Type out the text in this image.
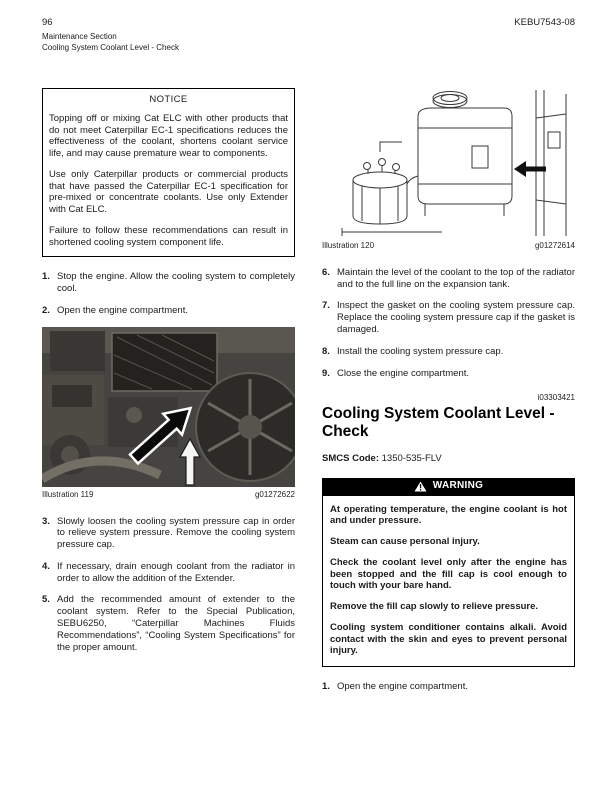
96	KEBU7543-08
Maintenance Section
Cooling System Coolant Level - Check
NOTICE

Topping off or mixing Cat ELC with other products that do not meet Caterpillar EC-1 specifications reduces the effectiveness of the coolant, shortens coolant service life, and may cause premature wear to components.

Use only Caterpillar products or commercial products that have passed the Caterpillar EC-1 specification for pre-mixed or concentrate coolants. Use only Extender with Cat ELC.

Failure to follow these recommendations can result in shortened cooling system component life.

1. Stop the engine. Allow the cooling system to completely cool.
2. Open the engine compartment.
Illustration 119	g01272622
3. Slowly loosen the cooling system pressure cap in order to relieve system pressure. Remove the cooling system pressure cap.
4. If necessary, drain enough coolant from the radiator in order to allow the addition of the Extender.
5. Add the recommended amount of extender to the coolant system. Refer to the Special Publication, SEBU6250, “Caterpillar Machines Fluids Recommendations”, “Cooling System Specifications” for the proper amount.
Illustration 120	g01272614
6. Maintain the level of the coolant to the top of the radiator and to the full line on the expansion tank.
7. Inspect the gasket on the cooling system pressure cap. Replace the cooling system pressure cap if the gasket is damaged.
8. Install the cooling system pressure cap.
9. Close the engine compartment.
i03303421
Cooling System Coolant Level - Check
SMCS Code: 1350-535-FLV
WARNING

At operating temperature, the engine coolant is hot and under pressure.

Steam can cause personal injury.

Check the coolant level only after the engine has been stopped and the fill cap is cool enough to touch with your bare hand.

Remove the fill cap slowly to relieve pressure.

Cooling system conditioner contains alkali. Avoid contact with the skin and eyes to prevent personal injury.

1. Open the engine compartment.
